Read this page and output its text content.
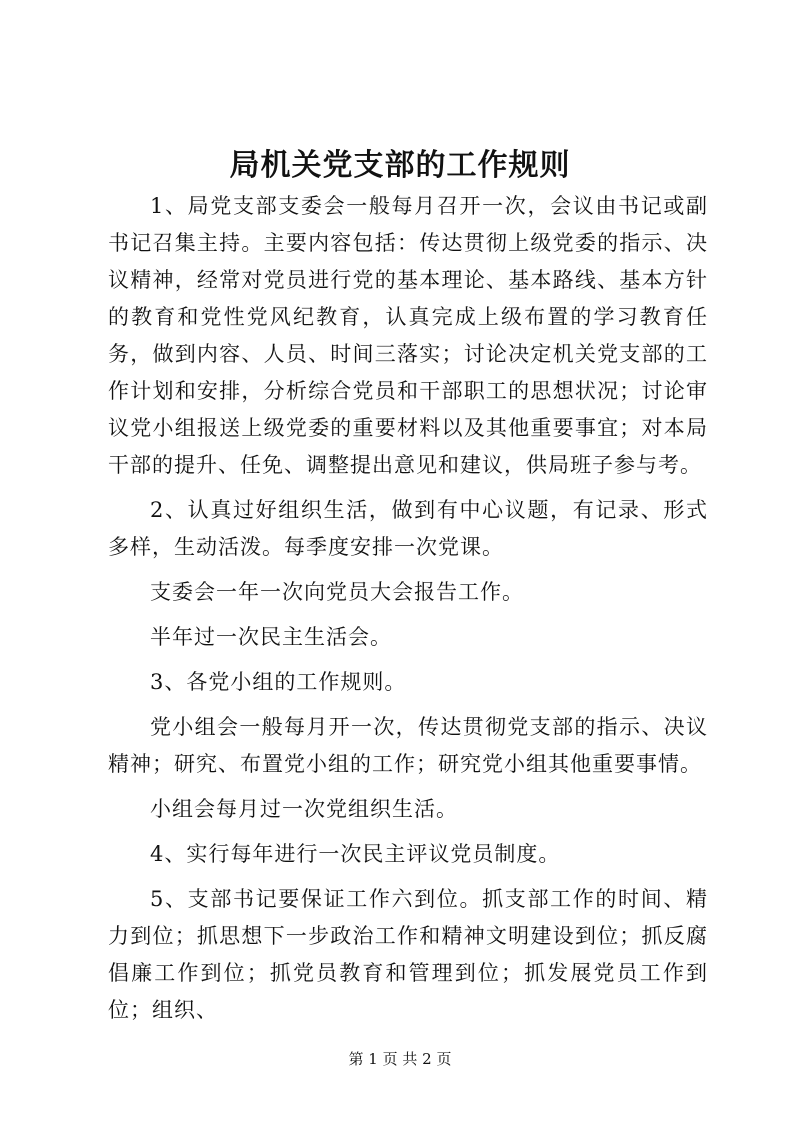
局机关党支部的工作规则

1、局党支部支委会一般每月召开一次，会议由书记或副书记召集主持。主要内容包括：传达贯彻上级党委的指示、决议精神，经常对党员进行党的基本理论、基本路线、基本方针的教育和党性党风纪教育，认真完成上级布置的学习教育任务，做到内容、人员、时间三落实；讨论决定机关党支部的工作计划和安排，分析综合党员和干部职工的思想状况；讨论审议党小组报送上级党委的重要材料以及其他重要事宜；对本局干部的提升、任免、调整提出意见和建议，供局班子参与考。

2、认真过好组织生活，做到有中心议题，有记录、形式多样，生动活泼。每季度安排一次党课。

支委会一年一次向党员大会报告工作。

半年过一次民主生活会。

3、各党小组的工作规则。

党小组会一般每月开一次，传达贯彻党支部的指示、决议精神；研究、布置党小组的工作；研究党小组其他重要事情。

小组会每月过一次党组织生活。

4、实行每年进行一次民主评议党员制度。

5、支部书记要保证工作六到位。抓支部工作的时间、精力到位；抓思想下一步政治工作和精神文明建设到位；抓反腐倡廉工作到位；抓党员教育和管理到位；抓发展党员工作到位；组织、

第 1 页 共 2 页
